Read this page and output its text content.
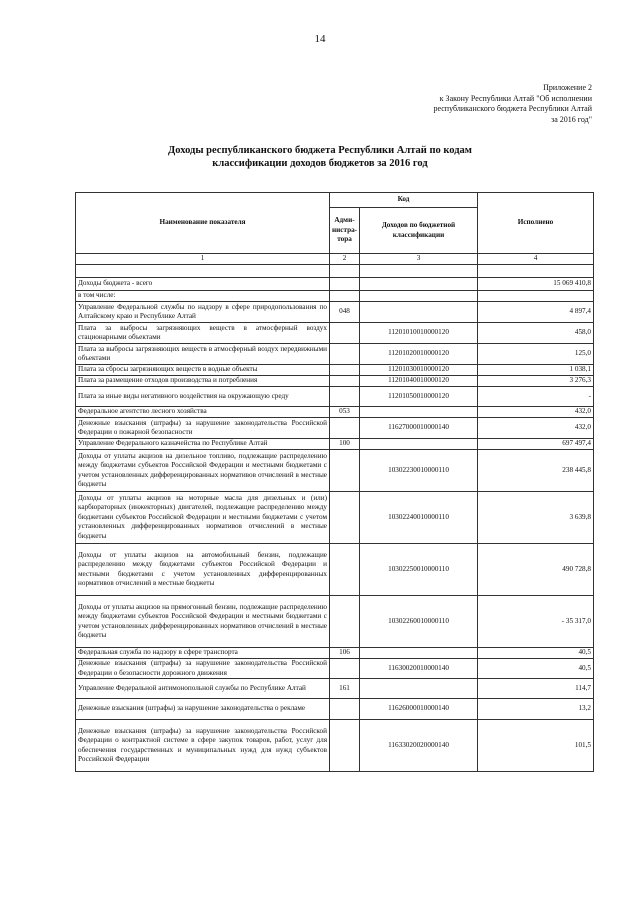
14
Приложение 2
к Закону Республики Алтай "Об исполнении
республиканского бюджета Республики Алтай
за 2016 год"
Доходы республиканского бюджета Республики Алтай по кодам
классификации доходов бюджетов за 2016 год
Наименование показателя	Код		Исполнено
	Адми-нистра-тора	Доходов по бюджетной классификации	
1	2	3	4

Доходы бюджета - всего			15 069 410,8
в том числе:			
Управление Федеральной службы по надзору в сфере природопользования по Алтайскому краю и Республике Алтай	048		4 897,4
Плата за выбросы загрязняющих веществ в атмосферный воздух стационарными объектами		11201010010000120	458,0
Плата за выбросы загрязняющих веществ в атмосферный воздух передвижными объектами		11201020010000120	125,0
Плата за сбросы загрязняющих веществ в водные объекты		11201030010000120	1 038,1
Плата за размещение отходов производства и потребления		11201040010000120	3 276,3
Плата за иные виды негативного воздействия на окружающую среду		11201050010000120	-
Федеральное агентство лесного хозяйства	053		432,0
Денежные взыскания (штрафы) за нарушение законодательства Российской Федерации о пожарной безопасности		11627000010000140	432,0
Управление Федерального казначейства по Республике Алтай	100		697 497,4
Доходы от уплаты акцизов на дизельное топливо, подлежащие распределению между бюджетами субъектов Российской Федерации и местными бюджетами с учетом установленных дифференцированных нормативов отчислений в местные бюджеты		10302230010000110	238 445,8
Доходы от уплаты акцизов на моторные масла для дизельных и (или) карбюраторных (инжекторных) двигателей, подлежащие распределению между бюджетами субъектов Российской Федерации и местными бюджетами с учетом установленных дифференцированных нормативов отчислений в местные бюджеты		10302240010000110	3 639,8
Доходы от уплаты акцизов на автомобильный бензин, подлежащие распределению между бюджетами субъектов Российской Федерации и местными бюджетами с учетом установленных дифференцированных нормативов отчислений в местные бюджеты		10302250010000110	490 728,8
Доходы от уплаты акцизов на прямогонный бензин, подлежащие распределению между бюджетами субъектов Российской Федерации и местными бюджетами с учетом установленных дифференцированных нормативов отчислений в местные бюджеты		10302260010000110	- 35 317,0
Федеральная служба по надзору в сфере транспорта	106		40,5
Денежные взыскания (штрафы) за нарушение законодательства Российской Федерации о безопасности дорожного движения		11630020010000140	40,5
Управление Федеральной антимонопольной службы по Республике Алтай	161		114,7
Денежные взыскания (штрафы) за нарушение законодательства о рекламе		11626000010000140	13,2
Денежные взыскания (штрафы) за нарушение законодательства Российской Федерации о контрактной системе в сфере закупок товаров, работ, услуг для обеспечения государственных и муниципальных нужд для нужд субъектов Российской Федерации		11633020020000140	101,5
